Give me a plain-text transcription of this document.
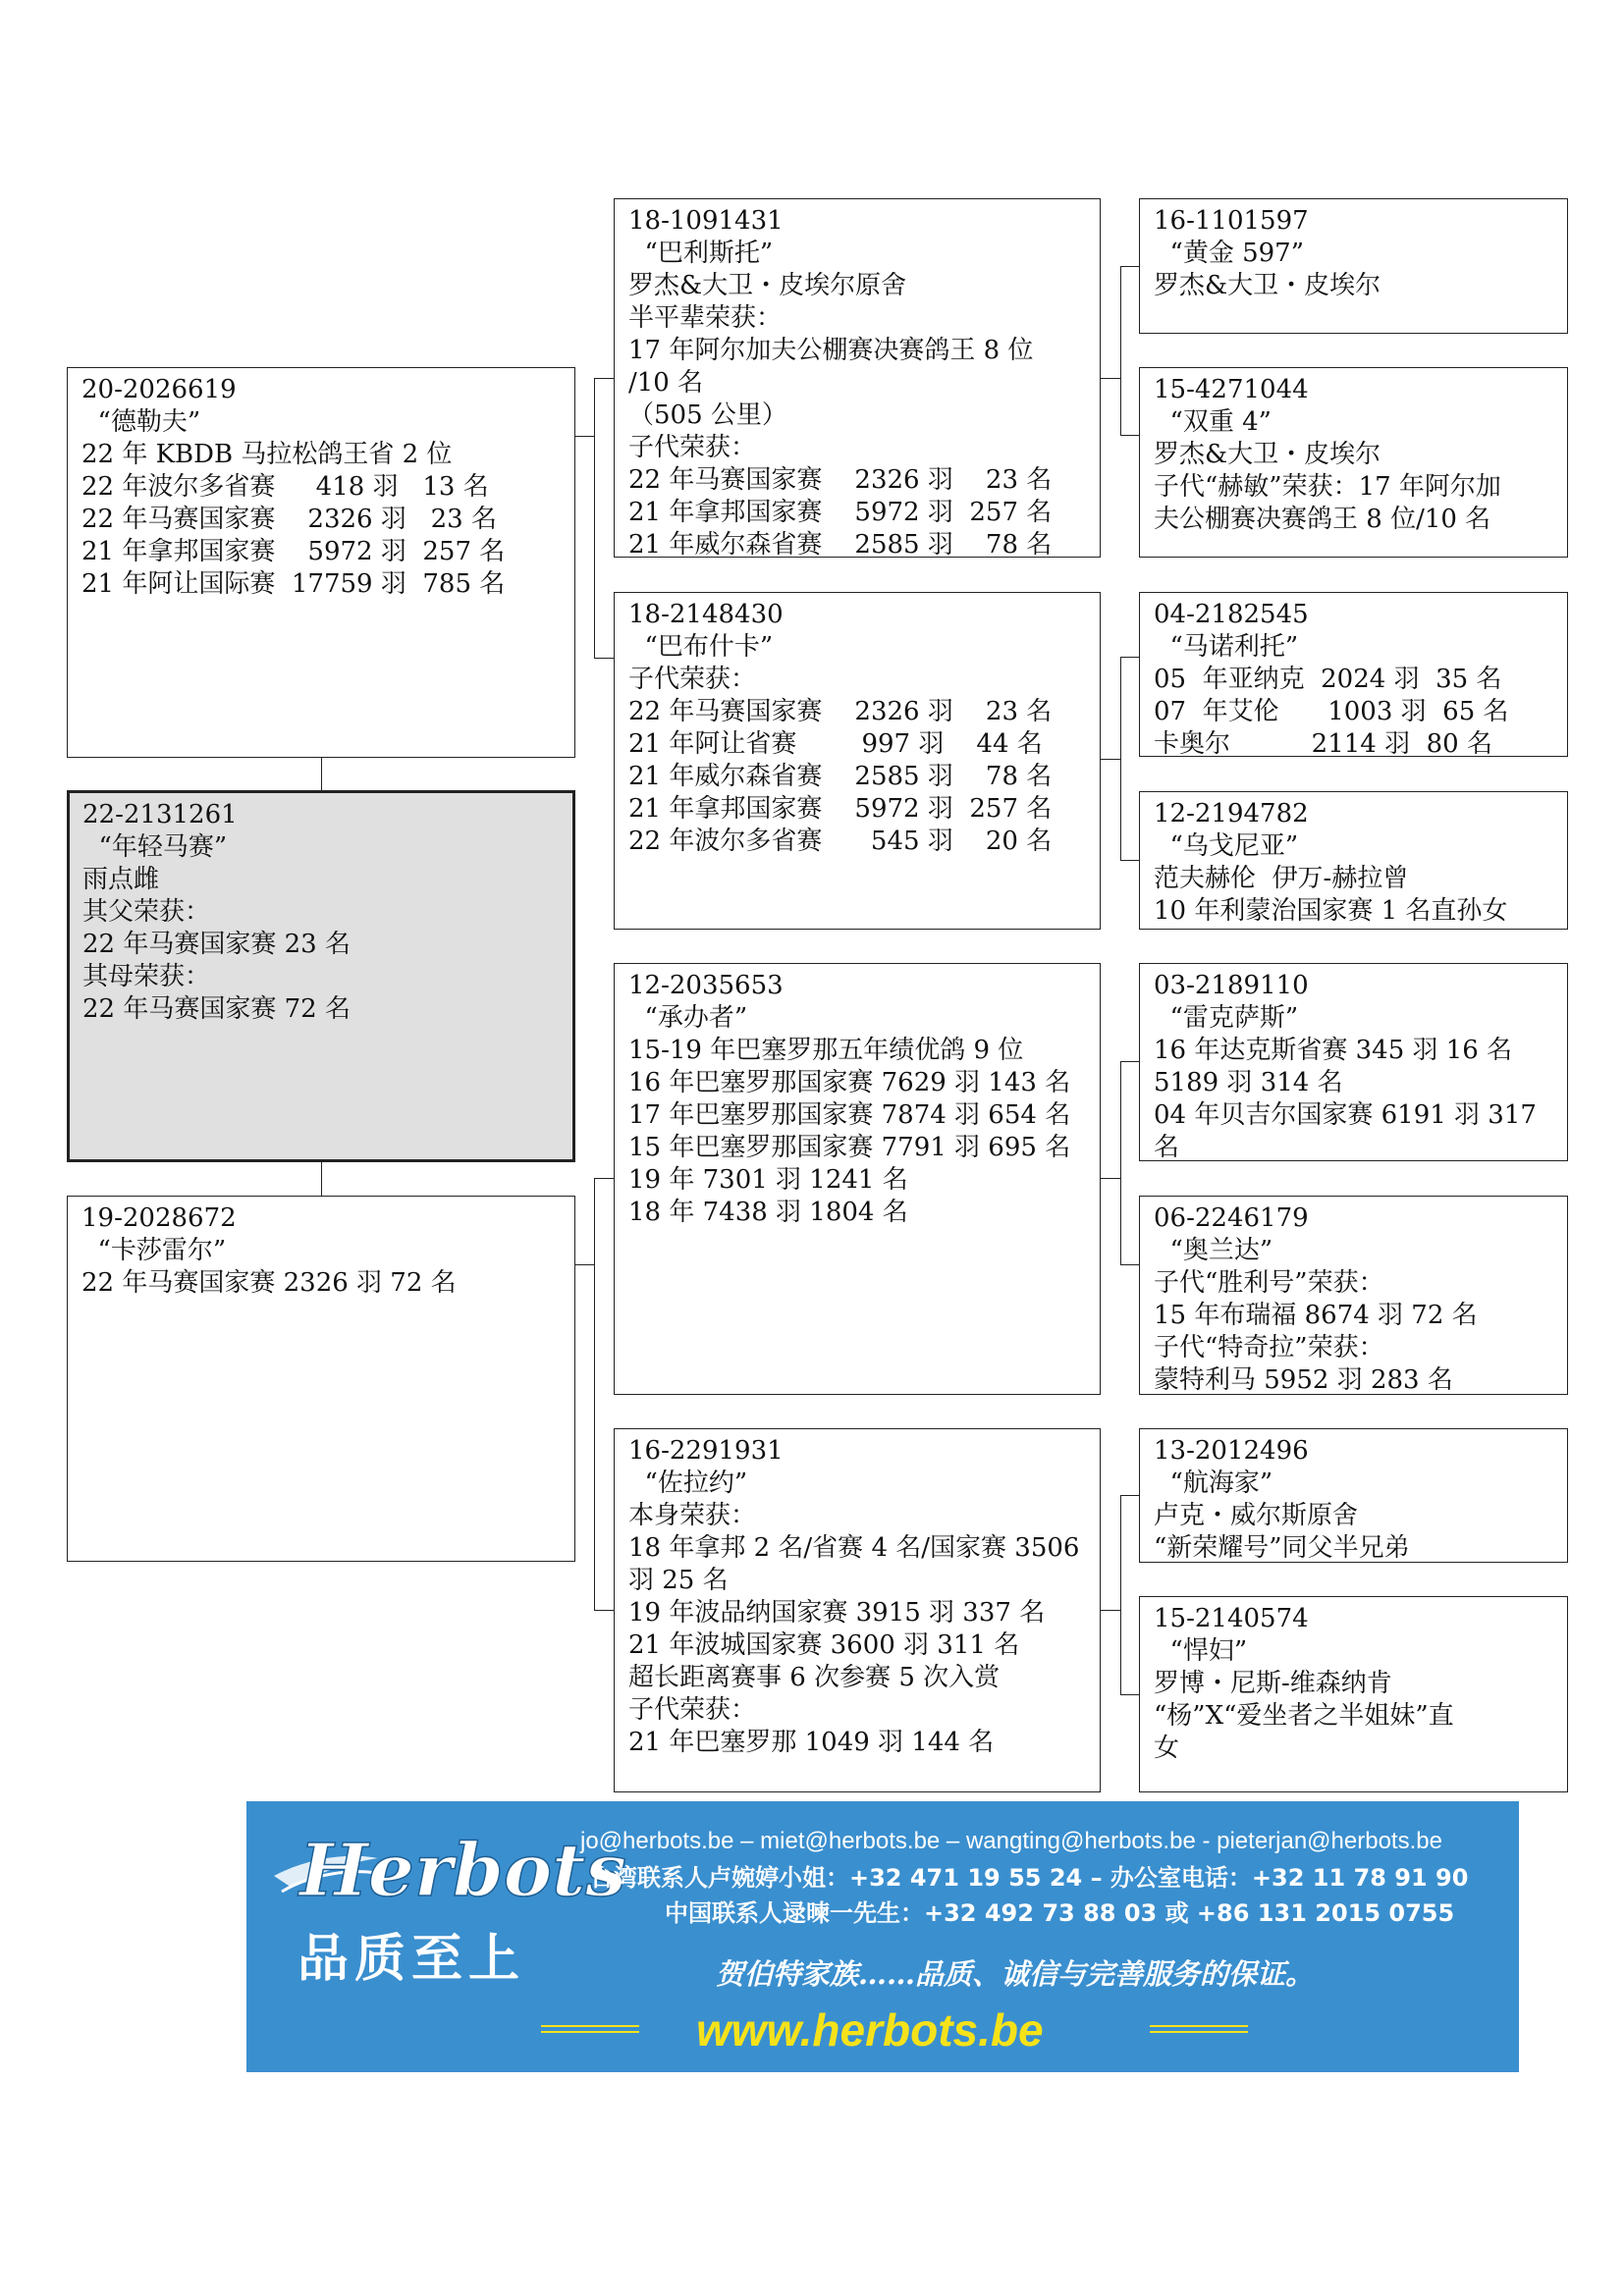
22-2131261
“年轻马赛”
雨点雌
其父荣获：
22 年马赛国家赛 23 名
其母荣获：
22 年马赛国家赛 72 名
20-2026619
“德勒夫”
22 年 KBDB 马拉松鸽王省 2 位
22 年波尔多省赛     418 羽   13 名
22 年马赛国家赛    2326 羽   23 名
21 年拿邦国家赛    5972 羽  257 名
21 年阿让国际赛  17759 羽  785 名
19-2028672
“卡莎雷尔”
22 年马赛国家赛 2326 羽 72 名
18-1091431
“巴利斯托”
罗杰&大卫・皮埃尔原舍
半平辈荣获：
17 年阿尔加夫公棚赛决赛鸽王 8 位
/10 名
（505 公里）
子代荣获：
22 年马赛国家赛    2326 羽    23 名
21 年拿邦国家赛    5972 羽  257 名
21 年威尔森省赛    2585 羽    78 名
18-2148430
“巴布什卡”
子代荣获：
22 年马赛国家赛    2326 羽    23 名
21 年阿让省赛        997 羽    44 名
21 年威尔森省赛    2585 羽    78 名
21 年拿邦国家赛    5972 羽  257 名
22 年波尔多省赛      545 羽    20 名
12-2035653
“承办者”
15-19 年巴塞罗那五年绩优鸽 9 位
16 年巴塞罗那国家赛 7629 羽 143 名
17 年巴塞罗那国家赛 7874 羽 654 名
15 年巴塞罗那国家赛 7791 羽 695 名
19 年 7301 羽 1241 名
18 年 7438 羽 1804 名
16-2291931
“佐拉约”
本身荣获：
18 年拿邦 2 名/省赛 4 名/国家赛 3506
羽 25 名
19 年波品纳国家赛 3915 羽 337 名
21 年波城国家赛 3600 羽 311 名
超长距离赛事 6 次参赛 5 次入赏
子代荣获：
21 年巴塞罗那 1049 羽 144 名
16-1101597
“黄金 597”
罗杰&大卫・皮埃尔
15-4271044
“双重 4”
罗杰&大卫・皮埃尔
子代“赫敏”荣获：17 年阿尔加
夫公棚赛决赛鸽王 8 位/10 名
04-2182545
“马诺利托”
05  年亚纳克  2024 羽  35 名
07  年艾伦      1003 羽  65 名
卡奥尔          2114 羽  80 名
12-2194782
“乌戈尼亚”
范夫赫伦  伊万-赫拉曾
10 年利蒙治国家赛 1 名直孙女
03-2189110
“雷克萨斯”
16 年达克斯省赛 345 羽 16 名
5189 羽 314 名
04 年贝吉尔国家赛 6191 羽 317
名
06-2246179
“奥兰达”
子代“胜利号”荣获：
15 年布瑞福 8674 羽 72 名
子代“特奇拉”荣获：
蒙特利马 5952 羽 283 名
13-2012496
“航海家”
卢克・威尔斯原舍
“新荣耀号”同父半兄弟
15-2140574
“悍妇”
罗博・尼斯-维森纳肯
“杨”X“爱坐者之半姐妹”直
女
Herbots
品质至上
jo@herbots.be – miet@herbots.be – wangting@herbots.be - pieterjan@herbots.be
台湾联系人卢婉婷小姐：+32 471 19 55 24 – 办公室电话：+32 11 78 91 90
中国联系人逯暕一先生：+32 492 73 88 03 或 +86 131 2015 0755
贺伯特家族……品质、诚信与完善服务的保证。
www.herbots.be
